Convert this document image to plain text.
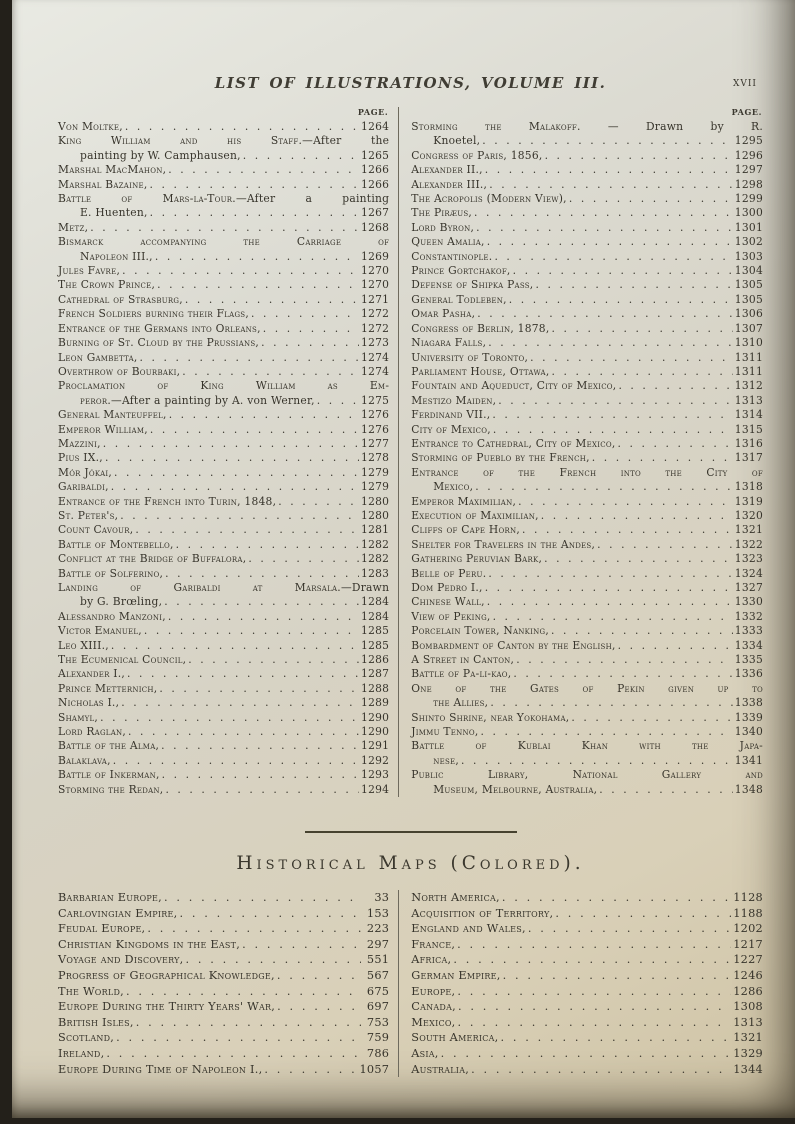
LIST OF ILLUSTRATIONS, VOLUME III.	xvii
PAGE.
Von Moltke, . . .	1264
King William and his Staff.—After the
painting by W. Camphausen, . . .	1265
Marshal MacMahon, . . .	1266
Marshal Bazaine, . . .	1266
Battle of Mars-la-Tour.—After a painting
E. Huenten, . . .	1267
Metz, . . .	1268
Bismarck accompanying the Carriage of
Napoleon III., . . .	1269
Jules Favre, . . .	1270
The Crown Prince, . . .	1270
Cathedral of Strasburg, . . .	1271
French Soldiers burning their Flags, . . .	1272
Entrance of the Germans into Orleans, . . .	1272
Burning of St. Cloud by the Prussians, . . .	1273
Leon Gambetta, . . .	1274
Overthrow of Bourbaki, . . .	1274
Proclamation of King William as Em-
peror.—After a painting by A. von Werner, . . .	1275
General Manteuffel, . . .	1276
Emperor William, . . .	1276
Mazzini, . . .	1277
Pius IX., . . .	1278
Mór Jókai, . . .	1279
Garibaldi, . . .	1279
Entrance of the French into Turin, 1848, . . .	1280
St. Peter's, . . .	1280
Count Cavour, . . .	1281
Battle of Montebello, . . .	1282
Conflict at the Bridge of Buffalora, . . .	1282
Battle of Solferino, . . .	1283
Landing of Garibaldi at Marsala.—Drawn
by G. Brœling, . . .	1284
Alessandro Manzoni, . . .	1284
Victor Emanuel, . . .	1285
Leo XIII., . . .	1285
The Ecumenical Council, . . .	1286
Alexander I., . . .	1287
Prince Metternich, . . .	1288
Nicholas I., . . .	1289
Shamyl, . . .	1290
Lord Raglan, . . .	1290
Battle of the Alma, . . .	1291
Balaklava, . . .	1292
Battle of Inkerman, . . .	1293
Storming the Redan, . . .	1294
PAGE.
Storming the Malakoff. — Drawn by R.
Knoetel, . . .	1295
Congress of Paris, 1856, . . .	1296
Alexander II., . . .	1297
Alexander III., . . .	1298
The Acropolis (Modern View), . . .	1299
The Piræus, . . .	1300
Lord Byron, . . .	1301
Queen Amalia, . . .	1302
Constantinople. . . .	1303
Prince Gortchakof, . . .	1304
Defense of Shipka Pass, . . .	1305
General Todleben, . . .	1305
Omar Pasha, . . .	1306
Congress of Berlin, 1878, . . .	1307
Niagara Falls, . . .	1310
University of Toronto, . . .	1311
Parliament House, Ottawa, . . .	1311
Fountain and Aqueduct, City of Mexico, . . .	1312
Mestizo Maiden, . . .	1313
Ferdinand VII., . . .	1314
City of Mexico, . . .	1315
Entrance to Cathedral, City of Mexico, . . .	1316
Storming of Pueblo by the French, . . .	1317
Entrance of the French into the City of
Mexico, . . .	1318
Emperor Maximilian, . . .	1319
Execution of Maximilian, . . .	1320
Cliffs of Cape Horn, . . .	1321
Shelter for Travelers in the Andes, . . .	1322
Gathering Peruvian Bark, . . .	1323
Belle of Peru. . . .	1324
Dom Pedro I., . . .	1327
Chinese Wall, . . .	1330
View of Peking, . . .	1332
Porcelain Tower, Nanking, . . .	1333
Bombardment of Canton by the English, . . .	1334
A Street in Canton, . . .	1335
Battle of Pa-li-kao, . . .	1336
One of the Gates of Pekin given up to
the Allies, . . .	1338
Shinto Shrine, near Yokohama, . . .	1339
Jimmu Tenno, . . .	1340
Battle of Kublai Khan with the Japa-
nese, . . .	1341
Public Library, National Gallery and
Museum, Melbourne, Australia, . . .	1348
Historical Maps (Colored).
Barbarian Europe, . . .	33
Carlovingian Empire, . . .	153
Feudal Europe, . . .	223
Christian Kingdoms in the East, . . .	297
Voyage and Discovery, . . .	551
Progress of Geographical Knowledge, . . .	567
The World, . . .	675
Europe During the Thirty Years' War, . . .	697
British Isles, . . .	753
Scotland, . . .	759
Ireland, . . .	786
Europe During Time of Napoleon I., . . .	1057
North America, . . .	1128
Acquisition of Territory, . . .	1188
England and Wales, . . .	1202
France, . . .	1217
Africa, . . .	1227
German Empire, . . .	1246
Europe, . . .	1286
Canada, . . .	1308
Mexico, . . .	1313
South America, . . .	1321
Asia, . . .	1329
Australia, . . .	1344
